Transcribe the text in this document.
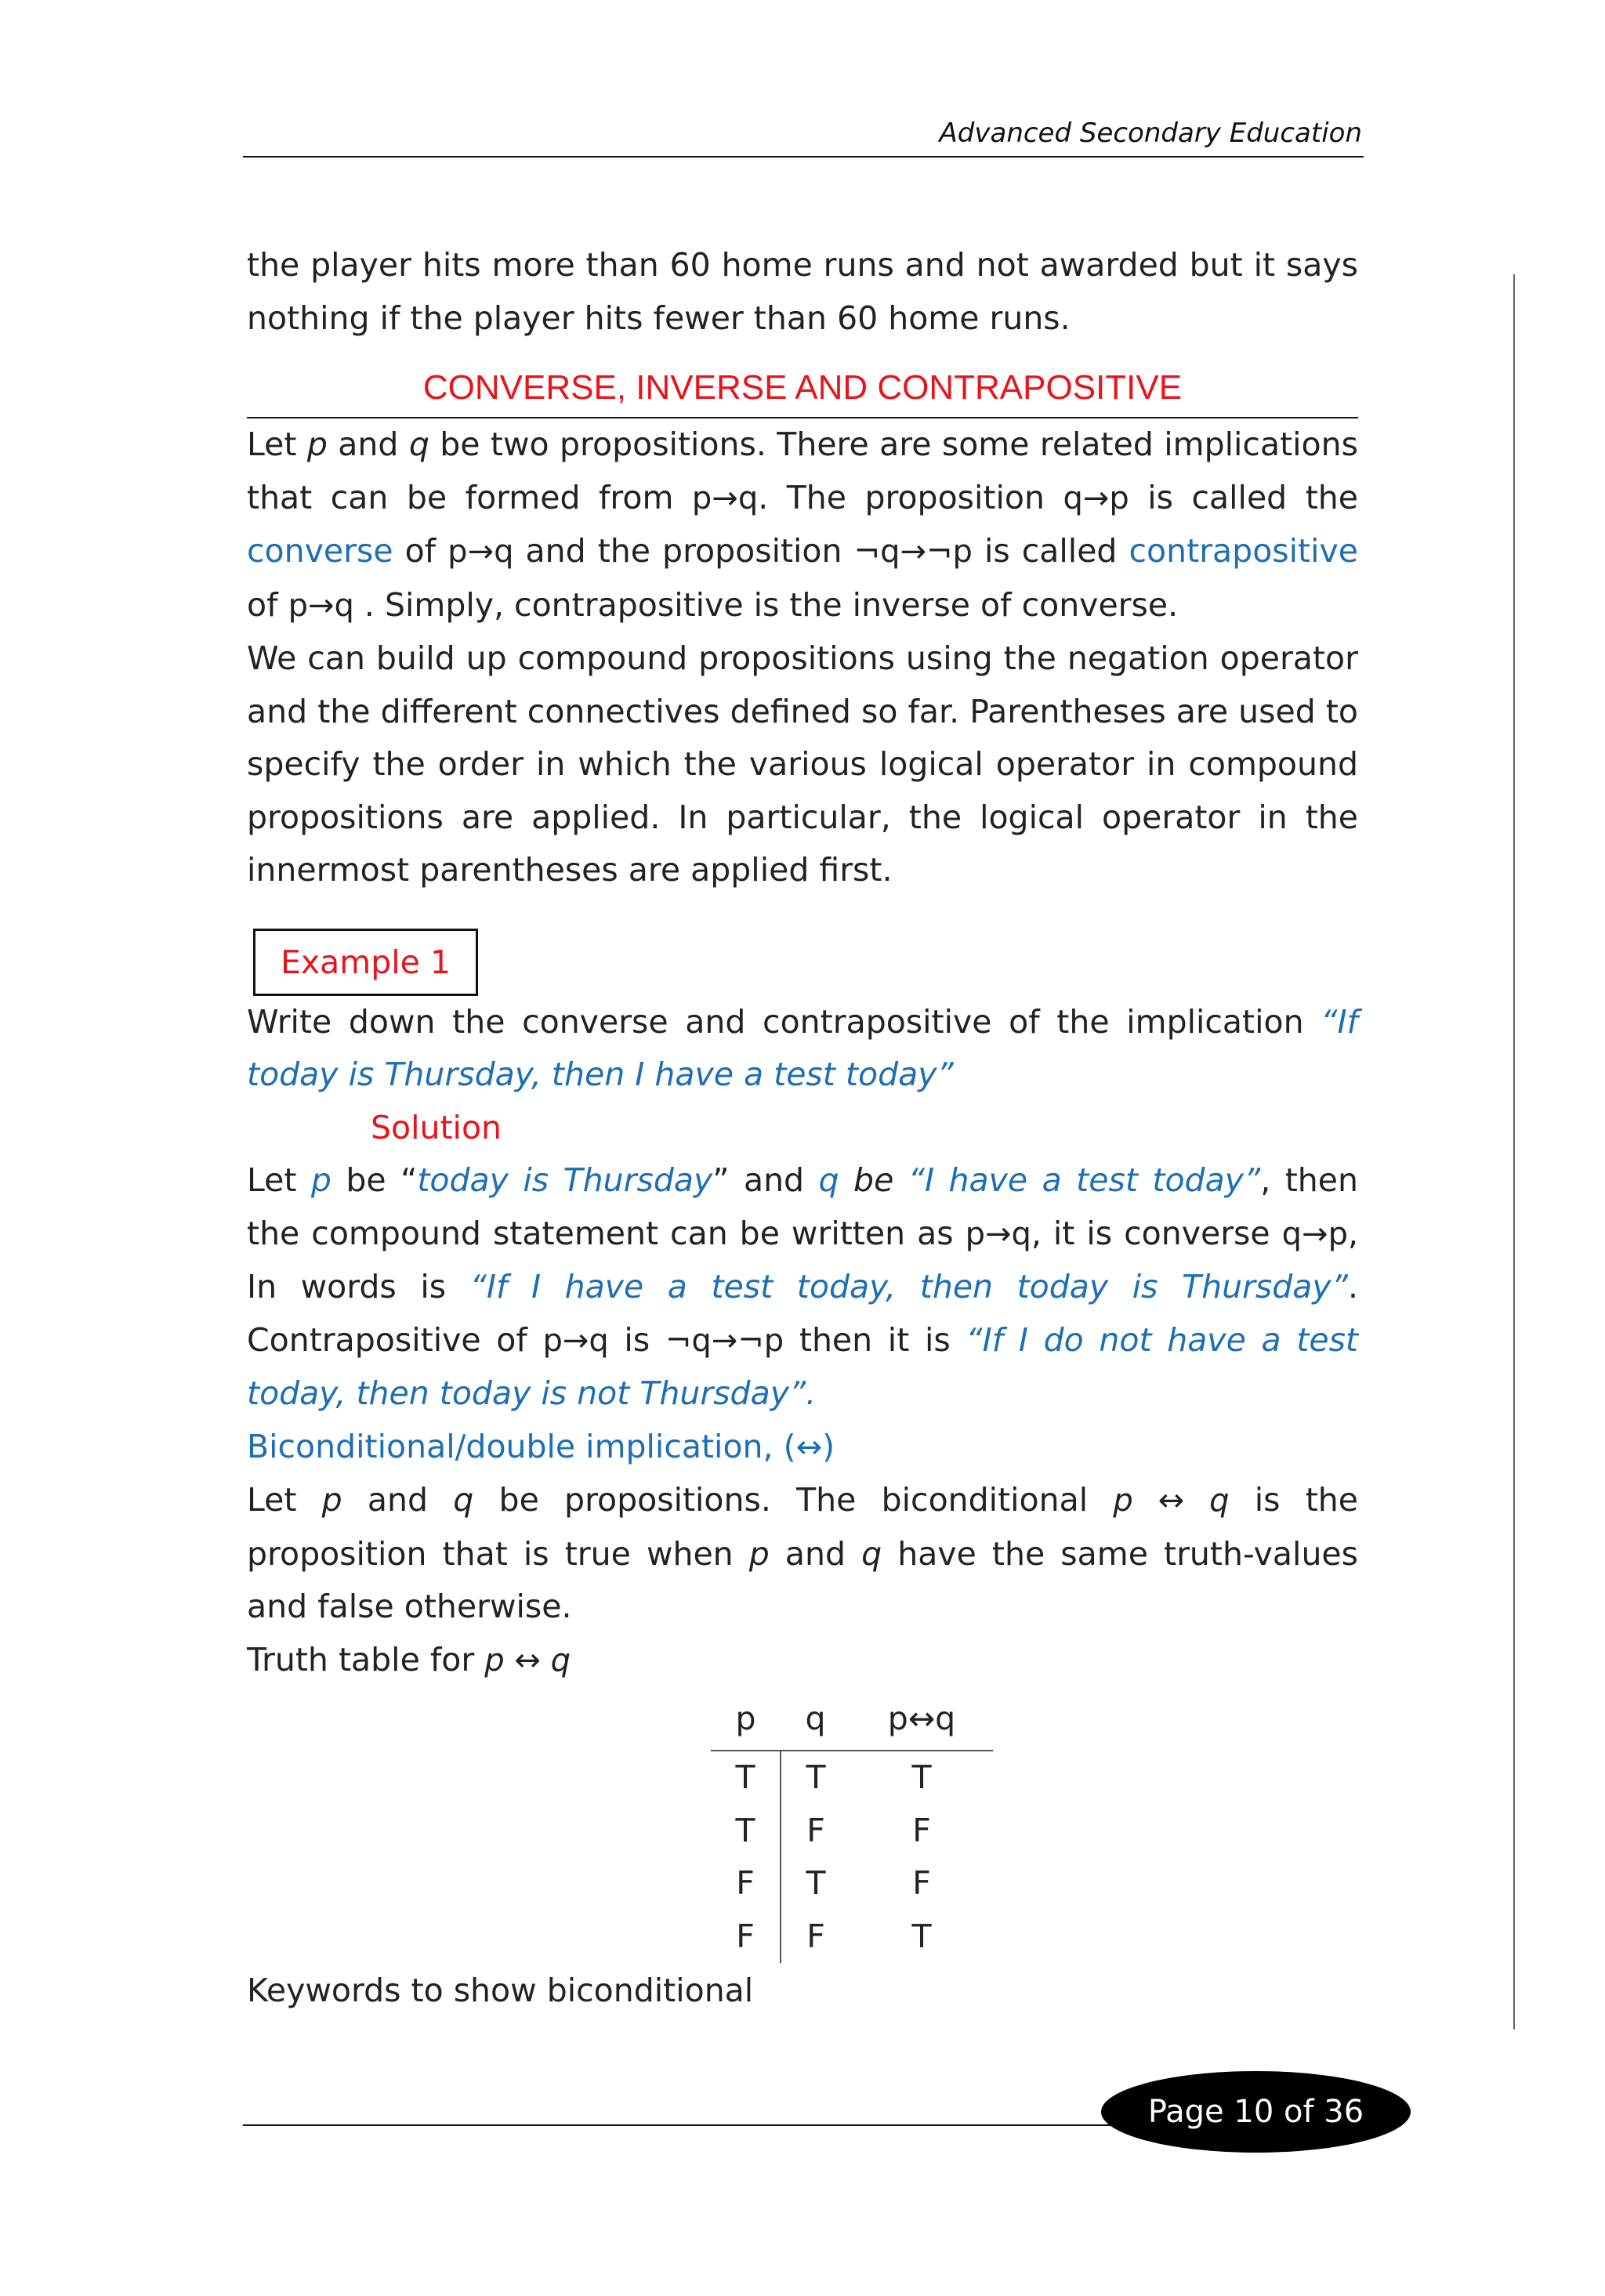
Advanced Secondary Education

the player hits more than 60 home runs and not awarded but it says nothing if the player hits fewer than 60 home runs.

CONVERSE, INVERSE AND CONTRAPOSITIVE

Let p and q be two propositions. There are some related implications that can be formed from p→q. The proposition q→p is called the converse of p→q and the proposition ¬q→¬p is called contrapositive of p→q . Simply, contrapositive is the inverse of converse.

We can build up compound propositions using the negation operator and the different connectives defined so far. Parentheses are used to specify the order in which the various logical operator in compound propositions are applied. In particular, the logical operator in the innermost parentheses are applied first.

Example 1

Write down the converse and contrapositive of the implication “If today is Thursday, then I have a test today”

Solution

Let p be “today is Thursday” and q be “I have a test today”, then the compound statement can be written as p→q, it is converse q→p, In words is “If I have a test today, then today is Thursday”. Contrapositive of p→q is ¬q→¬p then it is “If I do not have a test today, then today is not Thursday”.

Biconditional/double implication, (↔)

Let p and q be propositions. The biconditional p ↔ q is the proposition that is true when p and q have the same truth-values and false otherwise.

Truth table for p ↔ q
p	q	p↔q
T	T	T
T	F	F
F	T	F
F	F	T
Keywords to show biconditional
Page 10 of 36
